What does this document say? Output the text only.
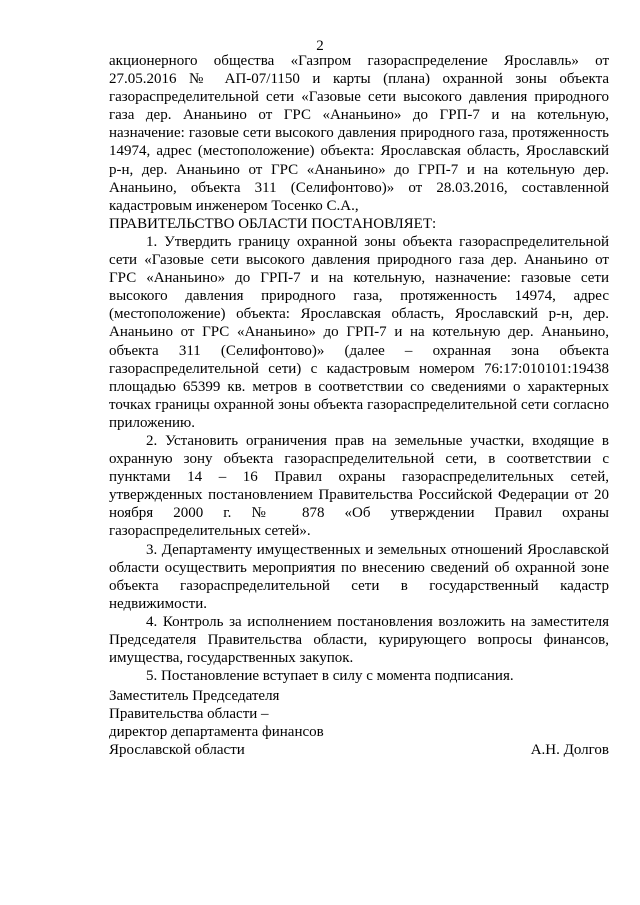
2

акционерного общества «Газпром газораспределение Ярославль» от 27.05.2016 № АП-07/1150 и карты (плана) охранной зоны объекта газораспределительной сети «Газовые сети высокого давления природного газа дер. Ананьино от ГРС «Ананьино» до ГРП-7 и на котельную, назначение: газовые сети высокого давления природного газа, протяженность 14974, адрес (местоположение) объекта: Ярославская область, Ярославский р-н, дер. Ананьино от ГРС «Ананьино» до ГРП-7 и на котельную дер. Ананьино, объекта 311 (Селифонтово)» от 28.03.2016, составленной кадастровым инженером Тосенко С.А.,

ПРАВИТЕЛЬСТВО ОБЛАСТИ ПОСТАНОВЛЯЕТ:

1. Утвердить границу охранной зоны объекта газораспределительной сети «Газовые сети высокого давления природного газа дер. Ананьино от ГРС «Ананьино» до ГРП-7 и на котельную, назначение: газовые сети высокого давления природного газа, протяженность 14974, адрес (местоположение) объекта: Ярославская область, Ярославский р-н, дер. Ананьино от ГРС «Ананьино» до ГРП-7 и на котельную дер. Ананьино, объекта 311 (Селифонтово)» (далее – охранная зона объекта газораспределительной сети) с кадастровым номером 76:17:010101:19438 площадью 65399 кв. метров в соответствии со сведениями о характерных точках границы охранной зоны объекта газораспределительной сети согласно приложению.

2. Установить ограничения прав на земельные участки, входящие в охранную зону объекта газораспределительной сети, в соответствии с пунктами 14 – 16 Правил охраны газораспределительных сетей, утвержденных постановлением Правительства Российской Федерации от 20 ноября 2000 г. № 878 «Об утверждении Правил охраны газораспределительных сетей».

3. Департаменту имущественных и земельных отношений Ярославской области осуществить мероприятия по внесению сведений об охранной зоне объекта газораспределительной сети в государственный кадастр недвижимости.

4. Контроль за исполнением постановления возложить на заместителя Председателя Правительства области, курирующего вопросы финансов, имущества, государственных закупок.

5. Постановление вступает в силу с момента подписания.

Заместитель Председателя
Правительства области –
директор департамента финансов
Ярославской области	А.Н. Долгов
